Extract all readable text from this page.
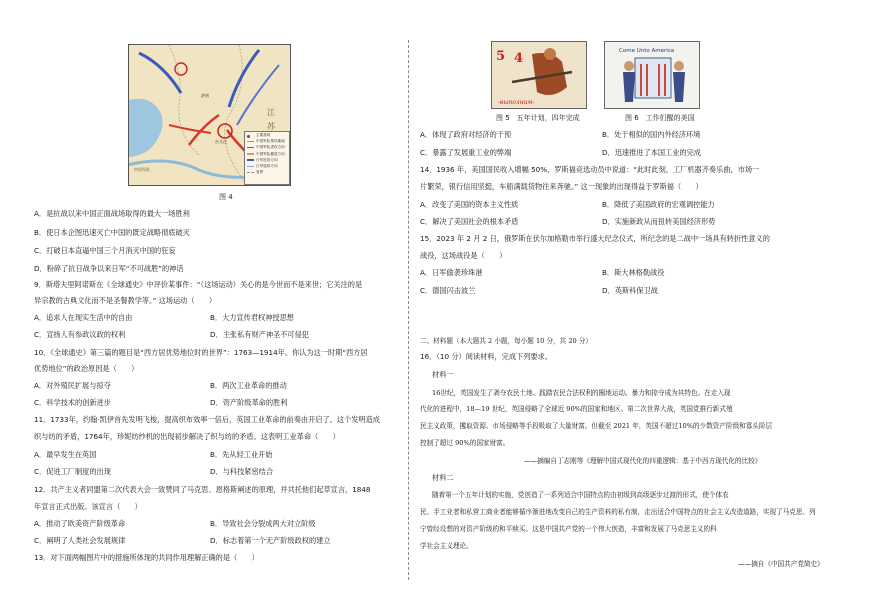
江
苏
中国军队
台儿庄
济南
主要战场
中国军队集结地域
中国军队进攻方向
中国军队撤退方向
日军进攻方向
日军退却方向
省界
图 4
A．是抗战以来中国正面战场取得的最大一场胜利
B．使日本企图迅速灭亡中国的既定战略彻底破灭
C．打破日本直逼中国三个月消灭中国的狂妄
D．粉碎了抗日战争以来日军“不可战胜”的神话
9．斯塔夫里阿诺斯在《全球通史》中评价某事件：“（这场运动）关心的是今世而不是来世；它关注的是
异宗教的古典文化而不是圣餐教学等。” 这场运动（　　）
A．追求人在现实生活中的自由	B．大力宣传君权神授思想
C．宣扬人有参政议政的权利	D．主张私有财产神圣不可侵犯
10．《全球通史》第三篇的题目是“西方居优势地位时的世界”：1763—1914年。你认为这一时期“西方居
优势地位”的政治原因是（　　）
A．对外殖民扩展与掠夺	B．两次工业革命的推动
C．科学技术的创新进步	D．资产阶级革命的胜利
11．1733年，约翰·凯伊首先发明飞梭，提高织布效率一倍后，英国工业革命的前奏由开启了。这个发明造成
织与纺的矛盾，1764年，珍妮纺纱机的出现初步解决了织与纺的矛盾。这表明工业革命（　　）
A．最早发生在英国	B．先从轻工业开始
C．促进工厂制度的出现	D．与科技紧密结合
12．共产主义者同盟第二次代表大会一致赞同了马克思、恩格斯阐述的原理，并共托他们起草宣言，1848
年宣言正式出版。该宣言（　　）
A．推动了欧美资产阶级革命	B．导致社会分裂成两大对立阶级
C．阐明了人类社会发展规律	D．标志着第一个无产阶级政权的建立
13．对下面两幅图片中的措施所体现的共同作用理解正确的是（　　）
5 4
-выполним-
图 5　五年计划，四年完成
Come Unto America
图 6　工作们醒的美国
A．体现了政府对经济的干预	B．处于相似的国内外经济环境
C．暴露了发展重工业的弊端	D．迅速推进了本国工业的完成
14．1936 年，美国国民收入增幅 50%，罗斯福竞选动员中说道：“此时此刻，工厂机器齐奏乐曲，市场一
片繁荣，银行信用坚挺，车船满载货物往来奔驰。” 这一现象的出现得益于罗斯福（　　）
A．改变了美国的资本主义性质	B．降低了美国政府的宏观调控能力
C．解决了美国社会的根本矛盾	D．实施新政从而扭转美国经济形势
15．2023 年 2 月 2 日，俄罗斯在伏尔加格勒市举行盛大纪念仪式，所纪念的是二战中一场具有转折性意义的
战役，这场战役是（　　）
A．日军偷袭珍珠港	B．斯大林格勒战役
C．德国闪击波兰	D．英斯科保卫战
二、材料题（本大题共 2 小题，每小题 10 分，共 20 分）
16．（10 分）阅读材料，完成下列要求。
材料一
16世纪，英国发生了剥夺农民土地、践踏农民合法权利的圈地运动。暴力和掠夺成为其特色。在走入现
代化的进程中，18—19 世纪，英国侵略了全球近 90%的国家和地区。第二次世界大战，英国党推行新式殖
民主义政策，攫取资源、市场侵略等手段吸取了大量财富。但截至 2021 年，英国不超过10%的少数资产阶级和寡头阶层
控制了超过 90%的国家财富。
——摘编自丁志刚等《理解中国式现代化的四重逻辑：基于中西方现代化的比较》
材料二
随着第一个五年计划的实施，党创造了一系列适合中国特点的由初级到高级逐步过渡的形式，使个体农
民、手工业者和私营工商业者能够循序渐进地改变自己的生产资料的私有制，走出适合中国特点的社会主义改造道路，实现了马克思、列
宁曾经设想的对资产阶级的和平赎买。这是中国共产党的一个伟大创造，丰富和发展了马克思主义的科
学社会主义理论。
——摘自《中国共产党简史》
